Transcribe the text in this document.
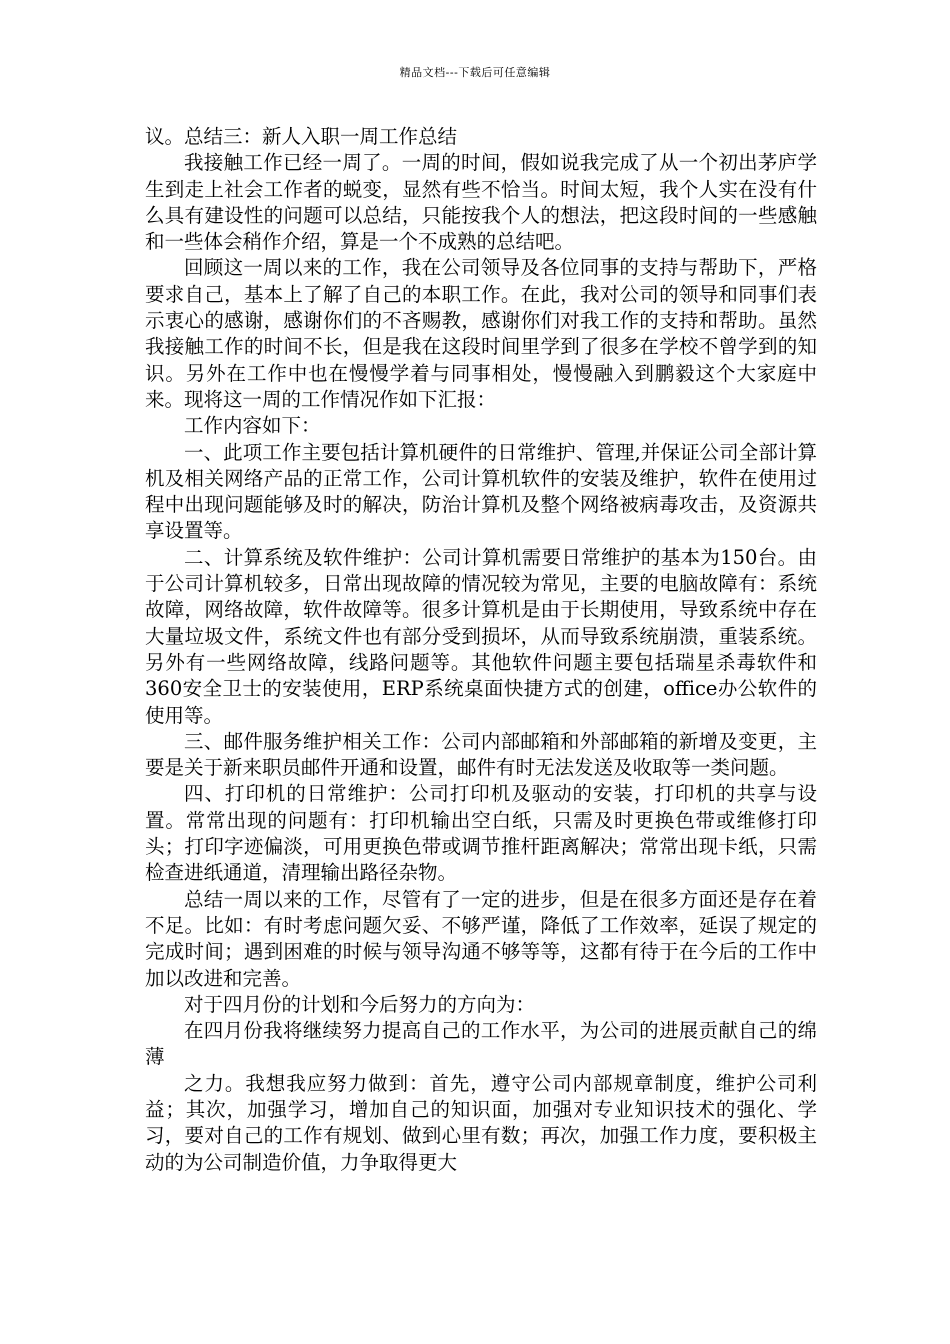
精品文档---下载后可任意编辑

议。总结三：新人入职一周工作总结

我接触工作已经一周了。一周的时间，假如说我完成了从一个初出茅庐学生到走上社会工作者的蜕变，显然有些不恰当。时间太短，我个人实在没有什么具有建设性的问题可以总结，只能按我个人的想法，把这段时间的一些感触和一些体会稍作介绍，算是一个不成熟的总结吧。

回顾这一周以来的工作，我在公司领导及各位同事的支持与帮助下，严格要求自己，基本上了解了自己的本职工作。在此，我对公司的领导和同事们表示衷心的感谢，感谢你们的不吝赐教，感谢你们对我工作的支持和帮助。虽然我接触工作的时间不长，但是我在这段时间里学到了很多在学校不曾学到的知识。另外在工作中也在慢慢学着与同事相处，慢慢融入到鹏毅这个大家庭中来。现将这一周的工作情况作如下汇报：

工作内容如下：

一、此项工作主要包括计算机硬件的日常维护、管理,并保证公司全部计算机及相关网络产品的正常工作，公司计算机软件的安装及维护，软件在使用过程中出现问题能够及时的解决，防治计算机及整个网络被病毒攻击，及资源共享设置等。

二、计算系统及软件维护：公司计算机需要日常维护的基本为150台。由于公司计算机较多，日常出现故障的情况较为常见，主要的电脑故障有：系统故障，网络故障，软件故障等。很多计算机是由于长期使用，导致系统中存在大量垃圾文件，系统文件也有部分受到损坏，从而导致系统崩溃，重装系统。另外有一些网络故障，线路问题等。其他软件问题主要包括瑞星杀毒软件和360安全卫士的安装使用，ERP系统桌面快捷方式的创建，office办公软件的使用等。

三、邮件服务维护相关工作：公司内部邮箱和外部邮箱的新增及变更，主要是关于新来职员邮件开通和设置，邮件有时无法发送及收取等一类问题。

四、打印机的日常维护：公司打印机及驱动的安装，打印机的共享与设置。常常出现的问题有：打印机输出空白纸，只需及时更换色带或维修打印头；打印字迹偏淡，可用更换色带或调节推杆距离解决；常常出现卡纸，只需检查进纸通道，清理输出路径杂物。

总结一周以来的工作，尽管有了一定的进步，但是在很多方面还是存在着不足。比如：有时考虑问题欠妥、不够严谨，降低了工作效率，延误了规定的完成时间；遇到困难的时候与领导沟通不够等等，这都有待于在今后的工作中加以改进和完善。

对于四月份的计划和今后努力的方向为：

在四月份我将继续努力提高自己的工作水平，为公司的进展贡献自己的绵薄

之力。我想我应努力做到：首先，遵守公司内部规章制度，维护公司利益；其次，加强学习，增加自己的知识面，加强对专业知识技术的强化、学习，要对自己的工作有规划、做到心里有数；再次，加强工作力度，要积极主动的为公司制造价值，力争取得更大
